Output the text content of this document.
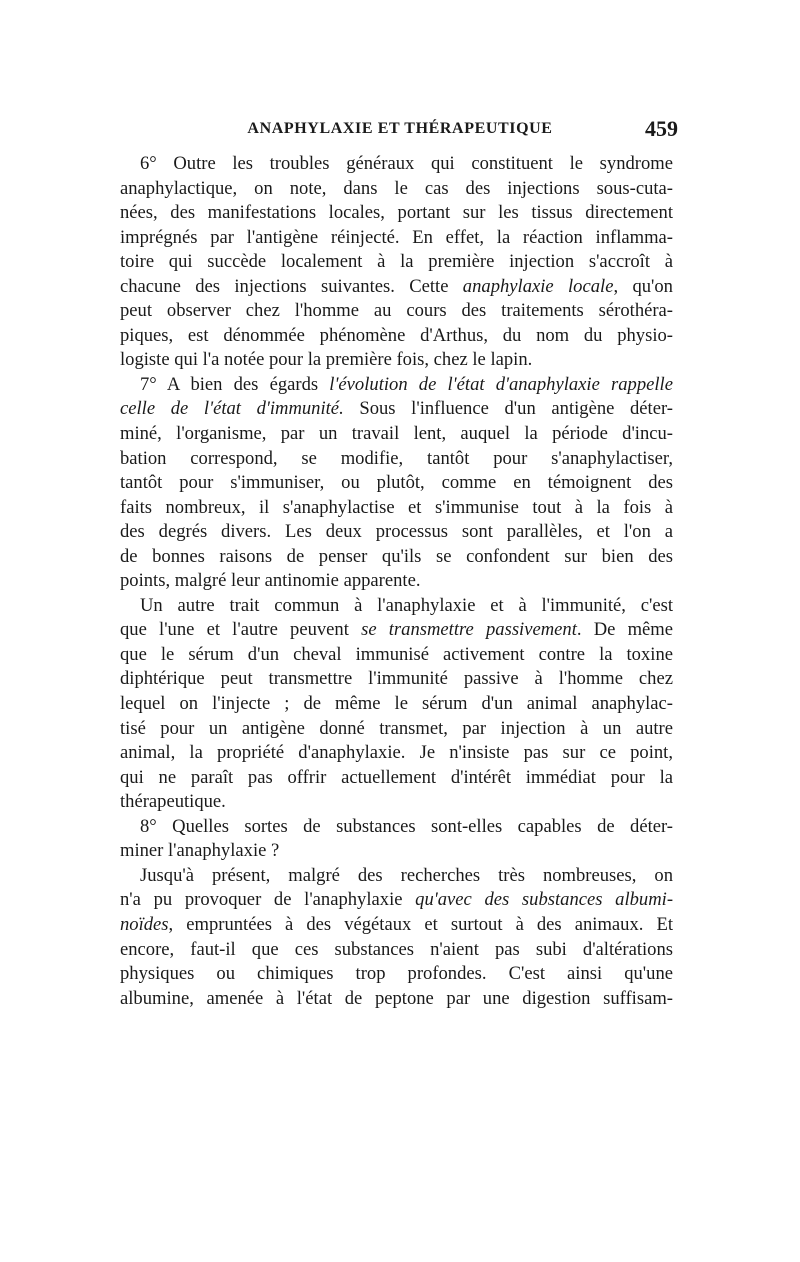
ANAPHYLAXIE ET THÉRAPEUTIQUE	459
6° Outre les troubles généraux qui constituent le syndrome
anaphylactique, on note, dans le cas des injections sous-cuta-
nées, des manifestations locales, portant sur les tissus directement
imprégnés par l'antigène réinjecté. En effet, la réaction inflamma-
toire qui succède localement à la première injection s'accroît à
chacune des injections suivantes. Cette anaphylaxie locale, qu'on
peut observer chez l'homme au cours des traitements sérothéra-
piques, est dénommée phénomène d'Arthus, du nom du physio-
logiste qui l'a notée pour la première fois, chez le lapin.
7° A bien des égards l'évolution de l'état d'anaphylaxie rappelle
celle de l'état d'immunité. Sous l'influence d'un antigène déter-
miné, l'organisme, par un travail lent, auquel la période d'incu-
bation correspond, se modifie, tantôt pour s'anaphylactiser,
tantôt pour s'immuniser, ou plutôt, comme en témoignent des
faits nombreux, il s'anaphylactise et s'immunise tout à la fois à
des degrés divers. Les deux processus sont parallèles, et l'on a
de bonnes raisons de penser qu'ils se confondent sur bien des
points, malgré leur antinomie apparente.
Un autre trait commun à l'anaphylaxie et à l'immunité, c'est
que l'une et l'autre peuvent se transmettre passivement. De même
que le sérum d'un cheval immunisé activement contre la toxine
diphtérique peut transmettre l'immunité passive à l'homme chez
lequel on l'injecte ; de même le sérum d'un animal anaphylac-
tisé pour un antigène donné transmet, par injection à un autre
animal, la propriété d'anaphylaxie. Je n'insiste pas sur ce point,
qui ne paraît pas offrir actuellement d'intérêt immédiat pour la
thérapeutique.
8° Quelles sortes de substances sont-elles capables de déter-
miner l'anaphylaxie ?
Jusqu'à présent, malgré des recherches très nombreuses, on
n'a pu provoquer de l'anaphylaxie qu'avec des substances albumi-
noïdes, empruntées à des végétaux et surtout à des animaux. Et
encore, faut-il que ces substances n'aient pas subi d'altérations
physiques ou chimiques trop profondes. C'est ainsi qu'une
albumine, amenée à l'état de peptone par une digestion suffisam-
